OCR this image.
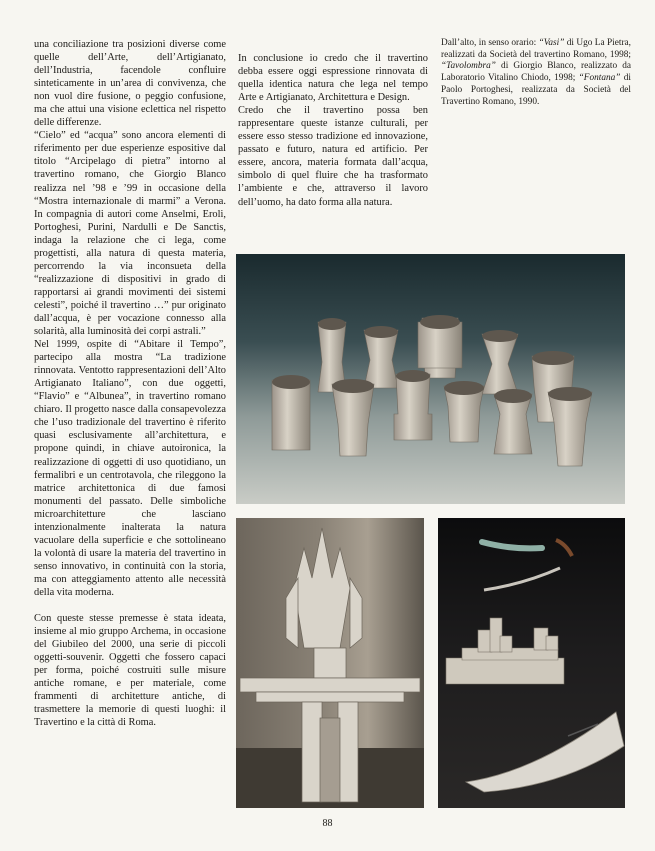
una conciliazione tra posizioni diverse come quelle dell’Arte, dell’Artigianato, dell’Industria, facendole confluire sinteticamente in un’area di convivenza, che non vuol dire fusione, o peggio confusione, ma che attui una visione eclettica nel rispetto delle differenze.

“Cielo” ed “acqua” sono ancora elementi di riferimento per due esperienze espositive dal titolo “Arcipelago di pietra” intorno al travertino romano, che Giorgio Blanco realizza nel ’98 e ’99 in occasione della “Mostra internazionale di marmi” a Verona. In compagnia di autori come Anselmi, Eroli, Portoghesi, Purini, Nardulli e De Sanctis, indaga la relazione che ci lega, come progettisti, alla natura di questa materia, percorrendo la via inconsueta della “realizzazione di dispositivi in grado di rapportarsi ai grandi movimenti dei sistemi celesti”, poiché il travertino …” pur originato dall’acqua, è per vocazione connesso alla solarità, alla luminosità dei corpi astrali.”

Nel 1999, ospite di “Abitare il Tempo”, partecipo alla mostra “La tradizione rinnovata. Ventotto rappresentazioni dell’Alto Artigianato Italiano”, con due oggetti, “Flavio” e “Albunea”, in travertino romano chiaro. Il progetto nasce dalla consapevolezza che l’uso tradizionale del travertino è riferito quasi esclusivamente all’architettura, e propone quindi, in chiave autoironica, la realizzazione di oggetti di uso quotidiano, un fermalibri e un centrotavola, che rileggono la matrice architettonica di due famosi monumenti del passato. Delle simboliche microarchitetture che lasciano intenzionalmente inalterata la natura vacuolare della superficie e che sottolineano la volontà di usare la materia del travertino in senso innovativo, in continuità con la storia, ma con atteggiamento attento alle necessità della vita moderna.

Con queste stesse premesse è stata ideata, insieme al mio gruppo Archema, in occasione del Giubileo del 2000, una serie di piccoli oggetti-souvenir. Oggetti che fossero capaci per forma, poiché costruiti sulle misure antiche romane, e per materiale, come frammenti di architetture antiche, di trasmettere la memorie di questi luoghi: il Travertino e la città di Roma.

In conclusione io credo che il travertino debba essere oggi espressione rinnovata di quella identica natura che lega nel tempo Arte e Artigianato, Architettura e Design.

Credo che il travertino possa ben rappresentare queste istanze culturali, per essere esso stesso tradizione ed innovazione, passato e futuro, natura ed artificio. Per essere, ancora, materia formata dall’acqua, simbolo di quel fluire che ha trasformato l’ambiente e che, attraverso il lavoro dell’uomo, ha dato forma alla natura.

Dall’alto, in senso orario: “Vasi” di Ugo La Pietra, realizzati da Società del travertino Romano, 1998; “Tavolombra” di Giorgio Blanco, realizzato da Laboratorio Vitalino Chiodo, 1998; “Fontana” di Paolo Portoghesi, realizzata da Società del Travertino Romano, 1990.

88
